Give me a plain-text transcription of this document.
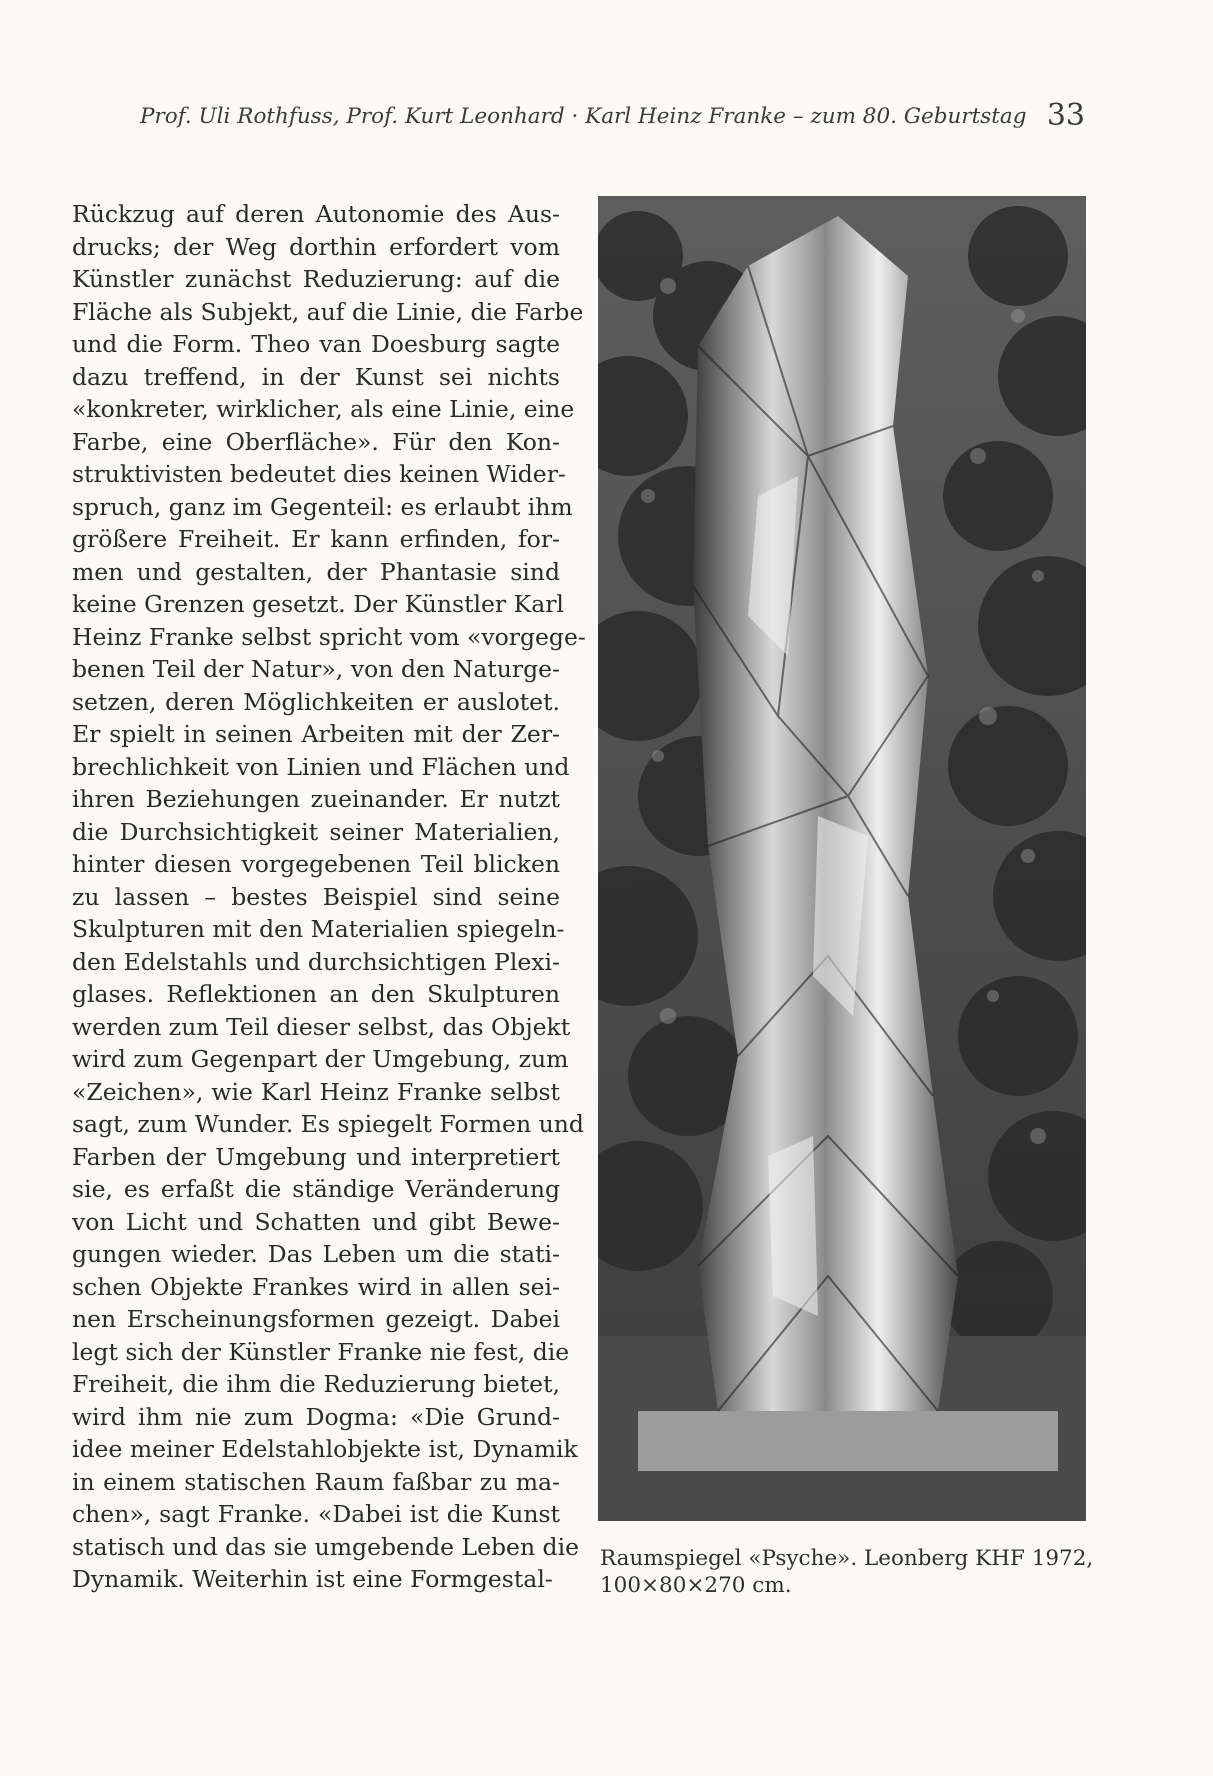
Prof. Uli Rothfuss, Prof. Kurt Leonhard · Karl Heinz Franke – zum 80. Geburtstag 33
Rückzug auf deren Autonomie des Aus-
drucks; der Weg dorthin erfordert vom
Künstler zunächst Reduzierung: auf die
Fläche als Subjekt, auf die Linie, die Farbe
und die Form. Theo van Doesburg sagte
dazu treffend, in der Kunst sei nichts
«konkreter, wirklicher, als eine Linie, eine
Farbe, eine Oberfläche». Für den Kon-
struktivisten bedeutet dies keinen Wider-
spruch, ganz im Gegenteil: es erlaubt ihm
größere Freiheit. Er kann erfinden, for-
men und gestalten, der Phantasie sind
keine Grenzen gesetzt. Der Künstler Karl
Heinz Franke selbst spricht vom «vorgege-
benen Teil der Natur», von den Naturge-
setzen, deren Möglichkeiten er auslotet.
Er spielt in seinen Arbeiten mit der Zer-
brechlichkeit von Linien und Flächen und
ihren Beziehungen zueinander. Er nutzt
die Durchsichtigkeit seiner Materialien,
hinter diesen vorgegebenen Teil blicken
zu lassen – bestes Beispiel sind seine
Skulpturen mit den Materialien spiegeln-
den Edelstahls und durchsichtigen Plexi-
glases. Reflektionen an den Skulpturen
werden zum Teil dieser selbst, das Objekt
wird zum Gegenpart der Umgebung, zum
«Zeichen», wie Karl Heinz Franke selbst
sagt, zum Wunder. Es spiegelt Formen und
Farben der Umgebung und interpretiert
sie, es erfaßt die ständige Veränderung
von Licht und Schatten und gibt Bewe-
gungen wieder. Das Leben um die stati-
schen Objekte Frankes wird in allen sei-
nen Erscheinungsformen gezeigt. Dabei
legt sich der Künstler Franke nie fest, die
Freiheit, die ihm die Reduzierung bietet,
wird ihm nie zum Dogma: «Die Grund-
idee meiner Edelstahlobjekte ist, Dynamik
in einem statischen Raum faßbar zu ma-
chen», sagt Franke. «Dabei ist die Kunst
statisch und das sie umgebende Leben die
Dynamik. Weiterhin ist eine Formgestal-
Raumspiegel «Psyche». Leonberg KHF 1972,
100×80×270 cm.
